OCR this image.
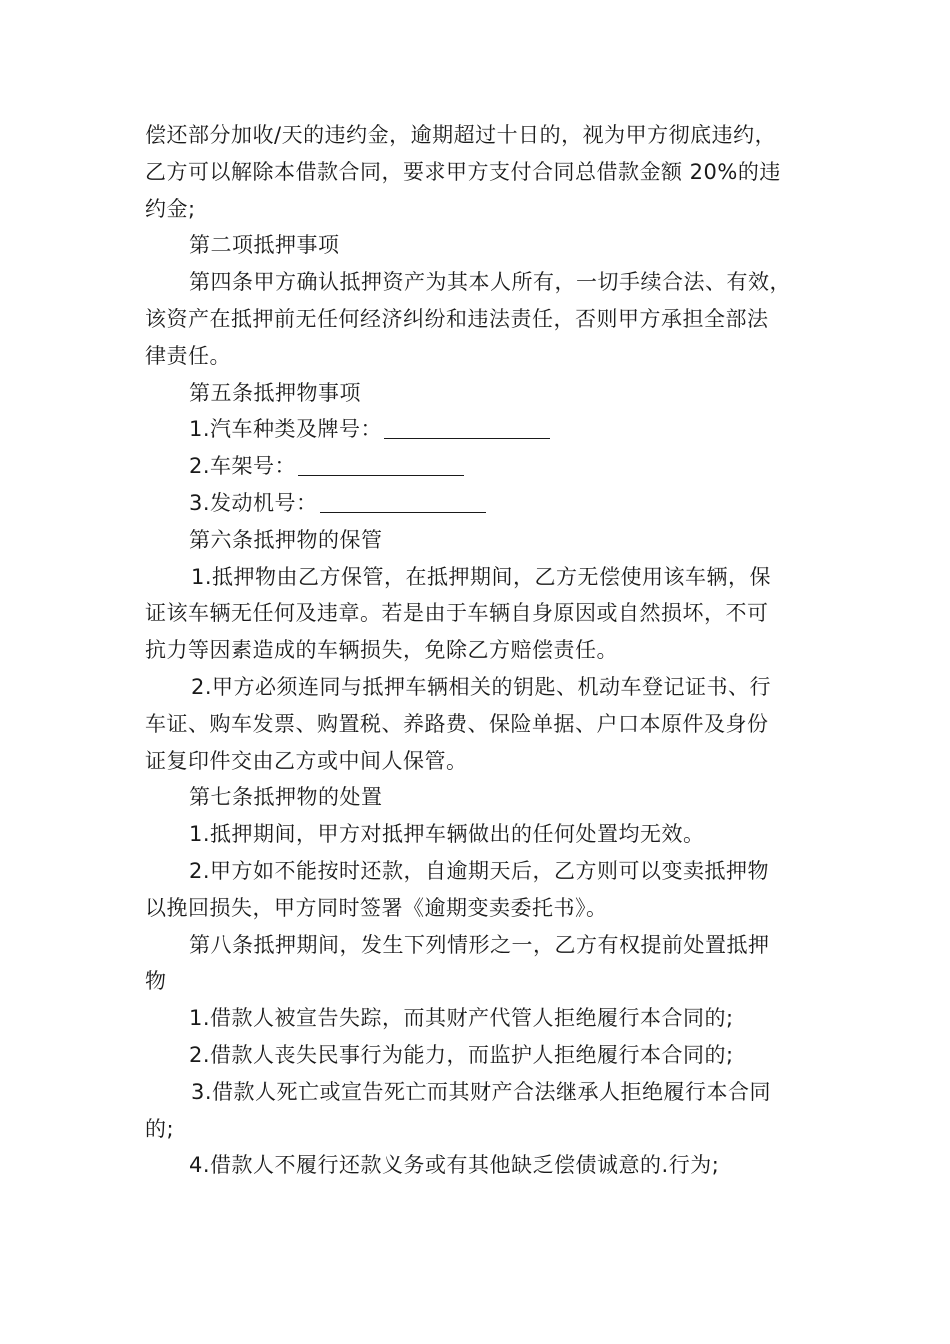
偿还部分加收/天的违约金，逾期超过十日的，视为甲方彻底违约，
乙方可以解除本借款合同，要求甲方支付合同总借款金额 20%的违
约金;
第二项抵押事项
第四条甲方确认抵押资产为其本人所有，一切手续合法、有效，
该资产在抵押前无任何经济纠纷和违法责任，否则甲方承担全部法
律责任。
第五条抵押物事项
1.汽车种类及牌号：
2.车架号：
3.发动机号：
第六条抵押物的保管
1.抵押物由乙方保管，在抵押期间，乙方无偿使用该车辆，保
证该车辆无任何及违章。若是由于车辆自身原因或自然损坏，不可
抗力等因素造成的车辆损失，免除乙方赔偿责任。
2.甲方必须连同与抵押车辆相关的钥匙、机动车登记证书、行
车证、购车发票、购置税、养路费、保险单据、户口本原件及身份
证复印件交由乙方或中间人保管。
第七条抵押物的处置
1.抵押期间，甲方对抵押车辆做出的任何处置均无效。
2.甲方如不能按时还款，自逾期天后，乙方则可以变卖抵押物
以挽回损失，甲方同时签署《逾期变卖委托书》。
第八条抵押期间，发生下列情形之一，乙方有权提前处置抵押
物
1.借款人被宣告失踪，而其财产代管人拒绝履行本合同的;
2.借款人丧失民事行为能力，而监护人拒绝履行本合同的;
3.借款人死亡或宣告死亡而其财产合法继承人拒绝履行本合同
的;
4.借款人不履行还款义务或有其他缺乏偿债诚意的.行为;
